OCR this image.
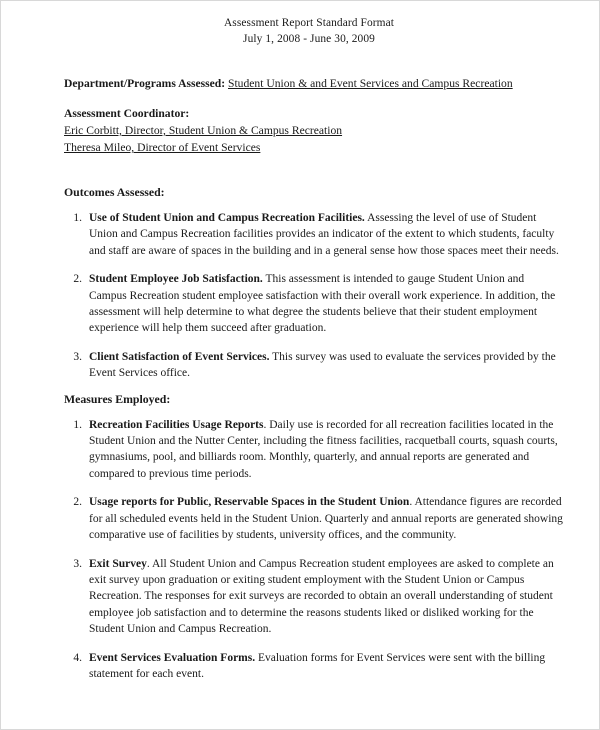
Assessment Report Standard Format
July 1, 2008 - June 30, 2009
Department/Programs Assessed: Student Union & and Event Services and Campus Recreation
Assessment Coordinator:
Eric Corbitt, Director, Student Union & Campus Recreation
Theresa Mileo, Director of Event Services
Outcomes Assessed:
1. Use of Student Union and Campus Recreation Facilities. Assessing the level of use of Student Union and Campus Recreation facilities provides an indicator of the extent to which students, faculty and staff are aware of spaces in the building and in a general sense how those spaces meet their needs.
2. Student Employee Job Satisfaction. This assessment is intended to gauge Student Union and Campus Recreation student employee satisfaction with their overall work experience. In addition, the assessment will help determine to what degree the students believe that their student employment experience will help them succeed after graduation.
3. Client Satisfaction of Event Services. This survey was used to evaluate the services provided by the Event Services office.
Measures Employed:
1. Recreation Facilities Usage Reports. Daily use is recorded for all recreation facilities located in the Student Union and the Nutter Center, including the fitness facilities, racquetball courts, squash courts, gymnasiums, pool, and billiards room. Monthly, quarterly, and annual reports are generated and compared to previous time periods.
2. Usage reports for Public, Reservable Spaces in the Student Union. Attendance figures are recorded for all scheduled events held in the Student Union. Quarterly and annual reports are generated showing comparative use of facilities by students, university offices, and the community.
3. Exit Survey. All Student Union and Campus Recreation student employees are asked to complete an exit survey upon graduation or exiting student employment with the Student Union or Campus Recreation. The responses for exit surveys are recorded to obtain an overall understanding of student employee job satisfaction and to determine the reasons students liked or disliked working for the Student Union and Campus Recreation.
4. Event Services Evaluation Forms. Evaluation forms for Event Services were sent with the billing statement for each event.
